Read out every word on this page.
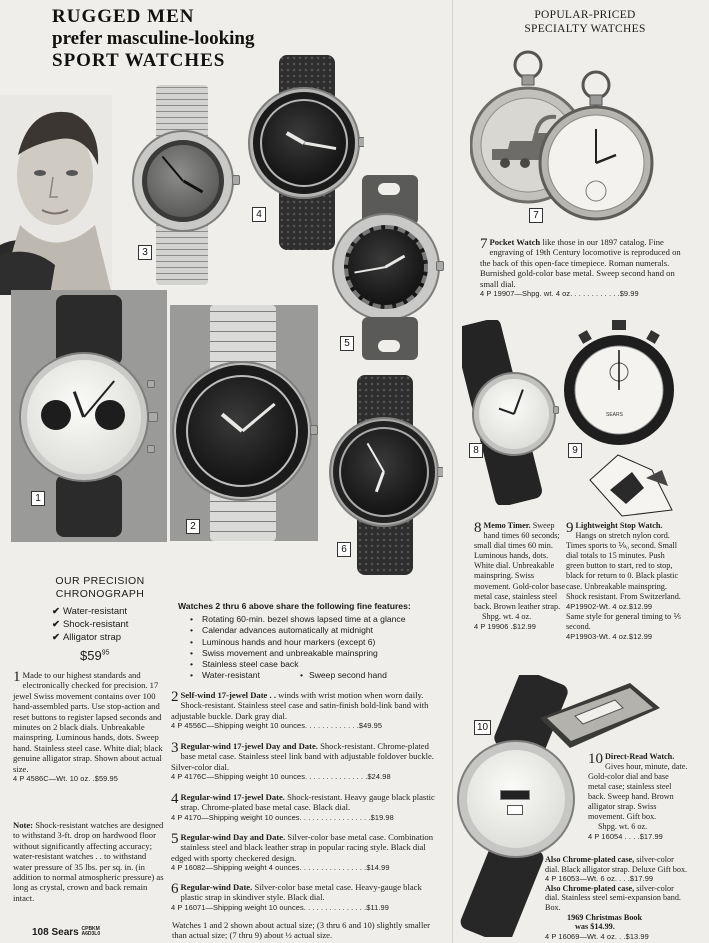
RUGGED MEN
prefer masculine-looking
SPORT WATCHES
POPULAR-PRICED
SPECIALTY WATCHES
3
4
5
1
2
6
7
8
SEARS
9
10
OUR PRECISION
CHRONOGRAPH
✔ Water-resistant
✔ Shock-resistant
✔ Alligator strap
$\$59^{95}$
1 Made to our highest standards and electronically checked for precision. 17 jewel Swiss movement contains over 100 hand-assembled parts. Use stop-action and reset buttons to register lapsed seconds and minutes on 2 black dials. Unbreakable mainspring. Luminous hands, dots. Sweep hand. Stainless steel case. White dial; black genuine alligator strap. Shown about actual size.
4 P 4586C—Wt. 10 oz. .$59.95
Note: Shock-resistant watches are designed to withstand 3-ft. drop on hardwood floor without significantly affecting accuracy; water-resistant watches . . to withstand water pressure of 35 lbs. per sq. in. (in addition to normal atmospheric pressure) as long as crystal, crown and back remain intact.
Watches 2 thru 6 above share the following fine features:
• Rotating 60-min. bezel shows lapsed time at a glance
• Calendar advances automatically at midnight
• Luminous hands and hour markers (except 6)
• Swiss movement and unbreakable mainspring
• Stainless steel case back
• Water-resistant
•	Sweep second hand
2 Self-wind 17-jewel Date . . winds with wrist motion when worn daily. Shock-resistant. Stainless steel case and satin-finish bold-link band with adjustable buckle. Dark gray dial.
4 P 4556C—Shipping weight 10 ounces. . . . . . . . . . . . .$49.95
3 Regular-wind 17-jewel Day and Date. Shock-resistant. Chrome-plated base metal case. Stainless steel link band with adjustable foldover buckle. Silver-color dial.
4 P 4176C—Shipping weight 10 ounces. . . . . . . . . . . . . . .$24.98
4 Regular-wind 17-jewel Date. Shock-resistant. Heavy gauge black plastic strap. Chrome-plated base metal case. Black dial.
4 P 4170—Shipping weight 10 ounces. . . . . . . . . . . . . . . . .$19.98
5 Regular-wind Day and Date. Silver-color base metal case. Combination stainless steel and black leather strap in popular racing style. Black dial edged with sporty checkered design.
4 P 16082—Shipping weight 4 ounces. . . . . . . . . . . . . . . .$14.99
6 Regular-wind Date. Silver-color base metal case. Heavy-gauge black plastic strap in skindiver style. Black dial.
4 P 16071—Shipping weight 10 ounces. . . . . . . . . . . . . . .$11.99
Watches 1 and 2 shown about actual size; (3 thru 6 and 10) slightly smaller than actual size; (7 thru 9) about ½ actual size.
108 Sears CPBKM
A6D3L0
7 Pocket Watch like those in our 1897 catalog. Fine engraving of 19th Century locomotive is reproduced on the back of this open-face timepiece. Roman numerals. Burnished gold-color base metal. Sweep second hand on small dial.
4 P 19907—Shpg. wt. 4 oz. . . . . . . . . . . .$9.99
8 Memo Timer. Sweep hand times 60 seconds; small dial times 60 min. Luminous hands, dots. White dial. Unbreakable mainspring. Swiss movement. Gold-color base metal case, stainless steel back. Brown leather strap.
Shpg. wt. 4 oz.
4 P 19906 .$12.99
9 Lightweight Stop Watch. Hangs on stretch nylon cord. Times sports to ⅑₀ second. Small dial totals to 15 minutes. Push green button to start, red to stop, black for return to 0. Black plastic case. Unbreakable mainspring. Shock resistant. From Switzerland.
4P19902-Wt. 4 oz.$12.99
Same style for general timing to ⅕ second.
4P19903-Wt. 4 oz.$12.99
10 Direct-Read Watch. Gives hour, minute, date. Gold-color dial and base metal case; stainless steel back. Sweep hand. Brown alligator strap. Swiss movement. Gift box.
Shpg. wt. 6 oz.
4 P 16054 . . . .$17.99
Also Chrome-plated case, silver-color dial. Black alligator strap. Deluxe Gift box.
4 P 16053—Wt. 6 oz. . . .$17.99
Also Chrome-plated case, silver-color dial. Stainless steel semi-expansion band. Box.
1969 Christmas Book
was $14.99.
4 P 16069—Wt. 4 oz. . .$13.99
